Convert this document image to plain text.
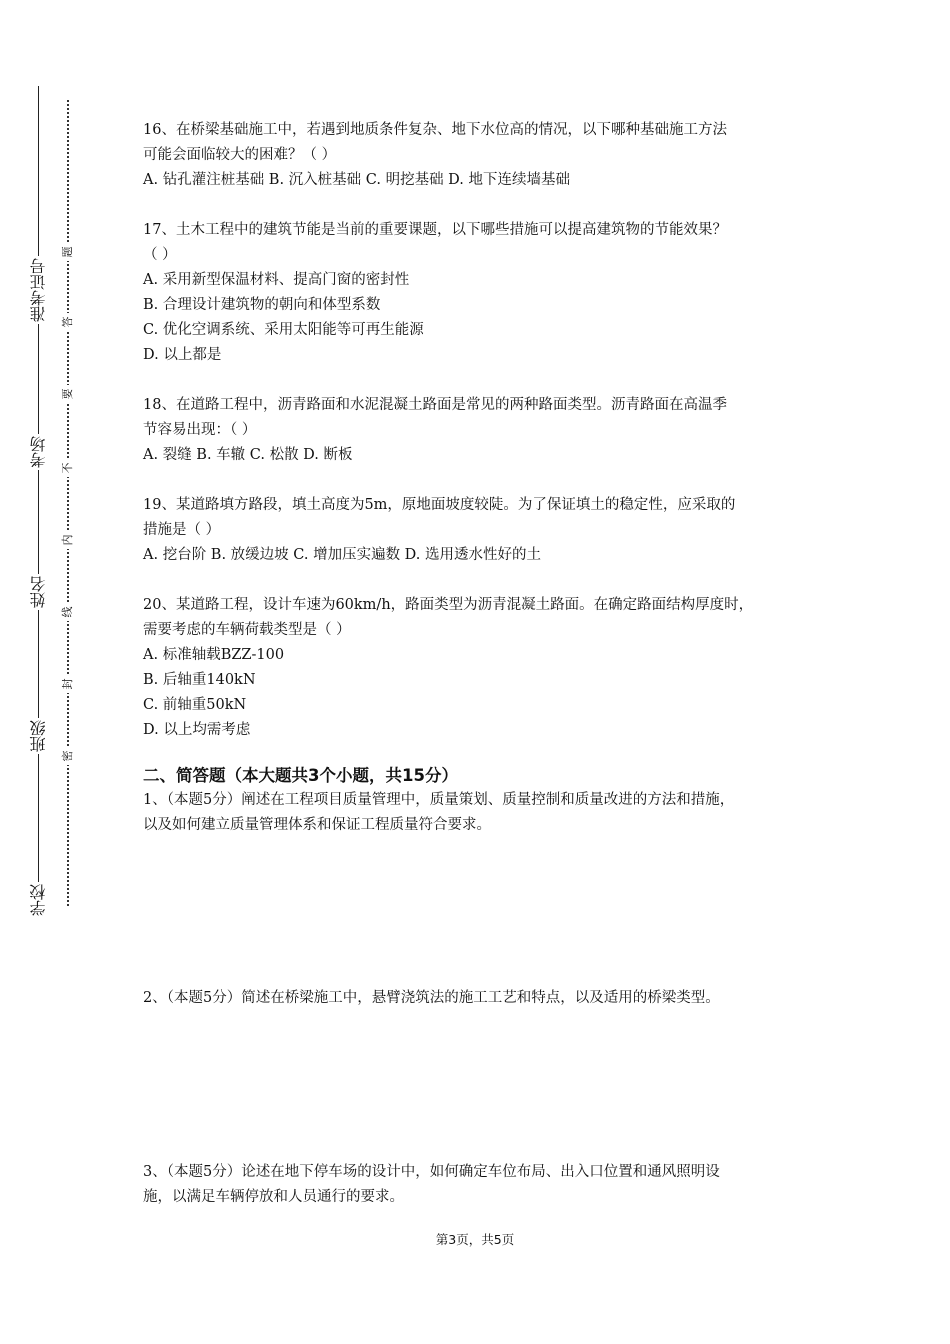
准考证号
考场
姓名
班级
学校
题
答
要
不
内
线
封
密
16、在桥梁基础施工中，若遇到地质条件复杂、地下水位高的情况，以下哪种基础施工方法
可能会面临较大的困难？（ ）
A. 钻孔灌注桩基础 B. 沉入桩基础 C. 明挖基础 D. 地下连续墙基础
17、土木工程中的建筑节能是当前的重要课题，以下哪些措施可以提高建筑物的节能效果？
（ ）
A. 采用新型保温材料、提高门窗的密封性
B. 合理设计建筑物的朝向和体型系数
C. 优化空调系统、采用太阳能等可再生能源
D. 以上都是
18、在道路工程中，沥青路面和水泥混凝土路面是常见的两种路面类型。沥青路面在高温季
节容易出现：（ ）
A. 裂缝 B. 车辙 C. 松散 D. 断板
19、某道路填方路段，填土高度为5m，原地面坡度较陡。为了保证填土的稳定性，应采取的
措施是（ ）
A. 挖台阶 B. 放缓边坡 C. 增加压实遍数 D. 选用透水性好的土
20、某道路工程，设计车速为60km/h，路面类型为沥青混凝土路面。在确定路面结构厚度时，
需要考虑的车辆荷载类型是（ ）
A. 标准轴载BZZ-100
B. 后轴重140kN
C. 前轴重50kN
D. 以上均需考虑
二、简答题（本大题共3个小题，共15分）
1、（本题5分）阐述在工程项目质量管理中，质量策划、质量控制和质量改进的方法和措施，
以及如何建立质量管理体系和保证工程质量符合要求。
2、（本题5分）简述在桥梁施工中，悬臂浇筑法的施工工艺和特点，以及适用的桥梁类型。
3、（本题5分）论述在地下停车场的设计中，如何确定车位布局、出入口位置和通风照明设
施，以满足车辆停放和人员通行的要求。
第3页，共5页
